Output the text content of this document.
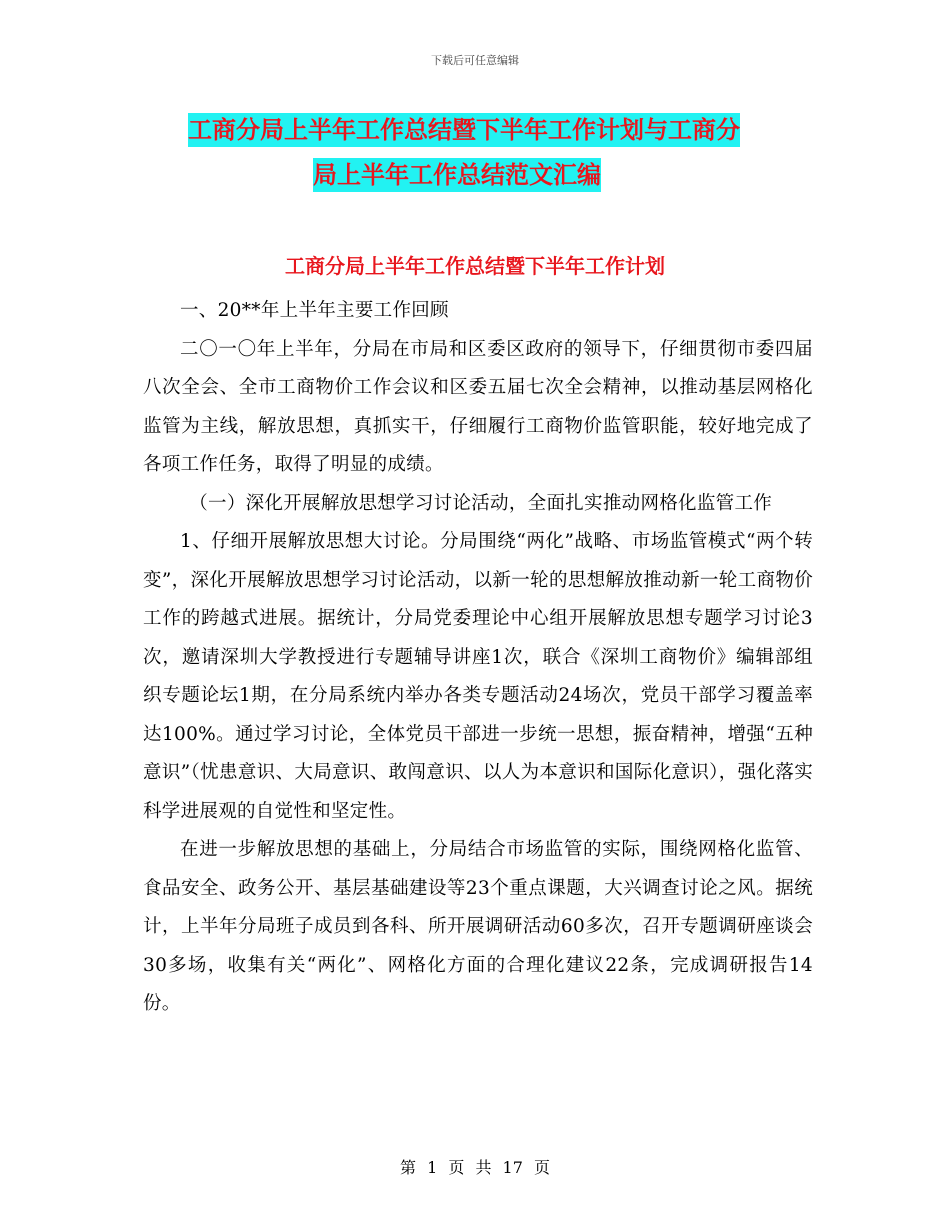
下载后可任意编辑
工商分局上半年工作总结暨下半年工作计划与工商分
局上半年工作总结范文汇编
工商分局上半年工作总结暨下半年工作计划

一、20**年上半年主要工作回顾

二〇一〇年上半年，分局在市局和区委区政府的领导下，仔细贯彻市委四届八次全会、全市工商物价工作会议和区委五届七次全会精神，以推动基层网格化监管为主线，解放思想，真抓实干，仔细履行工商物价监管职能，较好地完成了各项工作任务，取得了明显的成绩。

（一）深化开展解放思想学习讨论活动，全面扎实推动网格化监管工作

1、仔细开展解放思想大讨论。分局围绕“两化”战略、市场监管模式“两个转变”，深化开展解放思想学习讨论活动，以新一轮的思想解放推动新一轮工商物价工作的跨越式进展。据统计，分局党委理论中心组开展解放思想专题学习讨论3次，邀请深圳大学教授进行专题辅导讲座1次，联合《深圳工商物价》编辑部组织专题论坛1期，在分局系统内举办各类专题活动24场次，党员干部学习覆盖率达100%。通过学习讨论，全体党员干部进一步统一思想，振奋精神，增强“五种意识”（忧患意识、大局意识、敢闯意识、以人为本意识和国际化意识），强化落实科学进展观的自觉性和坚定性。

在进一步解放思想的基础上，分局结合市场监管的实际，围绕网格化监管、食品安全、政务公开、基层基础建设等23个重点课题，大兴调查讨论之风。据统计，上半年分局班子成员到各科、所开展调研活动60多次，召开专题调研座谈会30多场，收集有关“两化”、网格化方面的合理化建议22条，完成调研报告14份。

第 1 页 共 17 页
